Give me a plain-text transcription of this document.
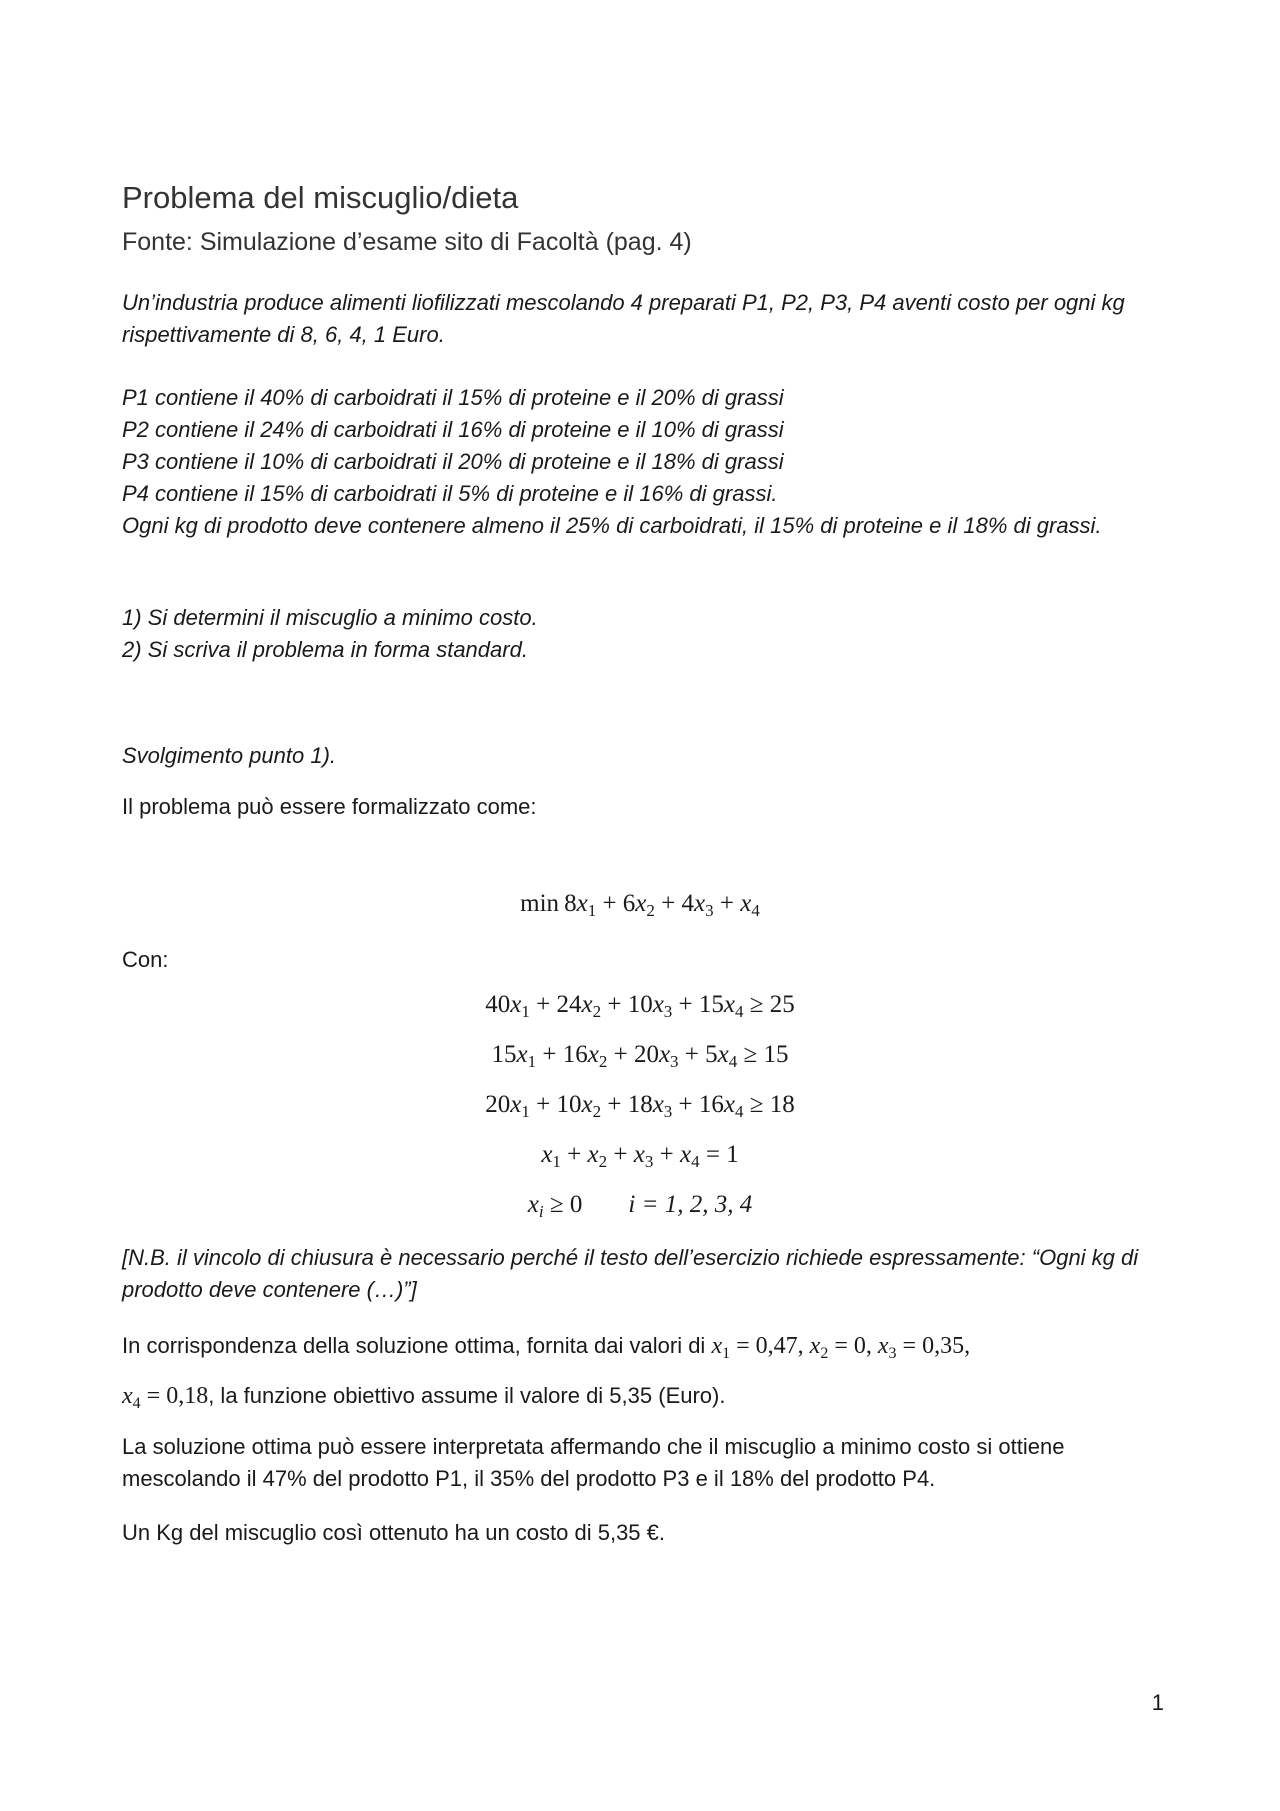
Problema del miscuglio/dieta
Fonte: Simulazione d’esame sito di Facoltà (pag. 4)
Un’industria produce alimenti liofilizzati mescolando 4 preparati P1, P2, P3, P4 aventi costo per ogni kg rispettivamente di 8, 6, 4, 1 Euro.
P1 contiene il 40% di carboidrati il 15% di proteine e il 20% di grassi
P2 contiene il 24% di carboidrati il 16% di proteine e il 10% di grassi
P3 contiene il 10% di carboidrati il 20% di proteine e il 18% di grassi
P4 contiene il 15% di carboidrati il 5% di proteine e il 16% di grassi.
Ogni kg di prodotto deve contenere almeno il 25% di carboidrati, il 15% di proteine e il 18% di grassi.
1) Si determini il miscuglio a minimo costo.
2) Si scriva il problema in forma standard.
Svolgimento punto 1).
Il problema può essere formalizzato come:
$\min 8x_1 + 6x_2 + 4x_3 + x_4$
Con:
$40x_1 + 24x_2 + 10x_3 + 15x_4 \ge 25$
$15x_1 + 16x_2 + 20x_3 + 5x_4 \ge 15$
$20x_1 + 10x_2 + 18x_3 + 16x_4 \ge 18$
$x_1 + x_2 + x_3 + x_4 = 1$
$x_i \ge 0$ i = 1, 2, 3, 4
[N.B. il vincolo di chiusura è necessario perché il testo dell’esercizio richiede espressamente: “Ogni kg di prodotto deve contenere (…)”]
In corrispondenza della soluzione ottima, fornita dai valori di $x_1 = 0,47$, $x_2 = 0$, $x_3 = 0,35$,
$x_4 = 0,18$, la funzione obiettivo assume il valore di 5,35 (Euro).
La soluzione ottima può essere interpretata affermando che il miscuglio a minimo costo si ottiene mescolando il 47% del prodotto P1, il 35% del prodotto P3 e il 18% del prodotto P4.
Un Kg del miscuglio così ottenuto ha un costo di 5,35 €.
1
